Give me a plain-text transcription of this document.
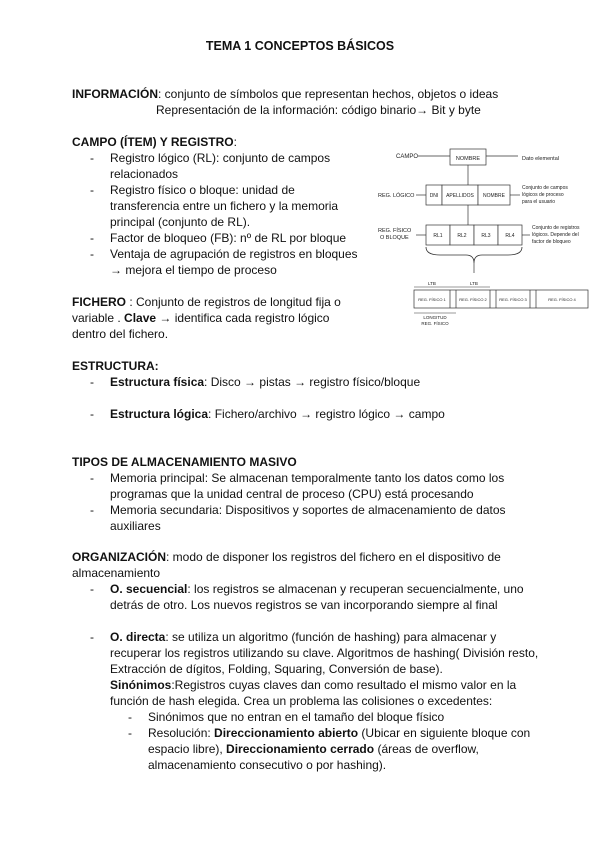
TEMA 1 CONCEPTOS BÁSICOS
INFORMACIÓN: conjunto de símbolos que representan hechos, objetos o ideas
Representación de la información: código binario→ Bit y byte
CAMPO (ÍTEM) Y REGISTRO:
- Registro lógico (RL): conjunto de campos relacionados
- Registro físico o bloque: unidad de transferencia entre un fichero y la memoria principal (conjunto de RL).
- Factor de bloqueo (FB): nº de RL por bloque
- Ventaja de agrupación de registros en bloques → mejora el tiempo de proceso
FICHERO : Conjunto de registros de longitud fija o variable . Clave → identifica cada registro lógico dentro del fichero.
CAMPO	NOMBRE	Dato elemental
REG. LÓGICO	DNI APELLIDOS NOMBRE
Conjunto de campos
lógicos de proceso
para el usuario
REG. FÍSICO
O BLOQUE	RL1	RL2	RL3	RL4
Conjunto de registros
lógicos. Depende del
factor de bloqueo
LTB	LTB
REG. FÍSICO 1	REG. FÍSICO 2	REG. FÍSICO 3	REG. FÍSICO 4
LONGITUD
REG. FÍSICO
ESTRUCTURA:
- Estructura física: Disco → pistas → registro físico/bloque
- Estructura lógica: Fichero/archivo → registro lógico → campo
TIPOS DE ALMACENAMIENTO MASIVO
- Memoria principal: Se almacenan temporalmente tanto los datos como los programas que la unidad central de proceso (CPU) está procesando
- Memoria secundaria: Dispositivos y soportes de almacenamiento de datos auxiliares
ORGANIZACIÓN: modo de disponer los registros del fichero en el dispositivo de almacenamiento
- O. secuencial: los registros se almacenan y recuperan secuencialmente, uno detrás de otro. Los nuevos registros se van incorporando siempre al final
- O. directa: se utiliza un algoritmo (función de hashing) para almacenar y recuperar los registros utilizando su clave. Algoritmos de hashing( División resto, Extracción de dígitos, Folding, Squaring, Conversión de base).
Sinónimos:Registros cuyas claves dan como resultado el mismo valor en la función de hash elegida. Crea un problema las colisiones o excedentes:
- Sinónimos que no entran en el tamaño del bloque físico
- Resolución: Direccionamiento abierto (Ubicar en siguiente bloque con espacio libre), Direccionamiento cerrado (áreas de overflow, almacenamiento consecutivo o por hashing).
